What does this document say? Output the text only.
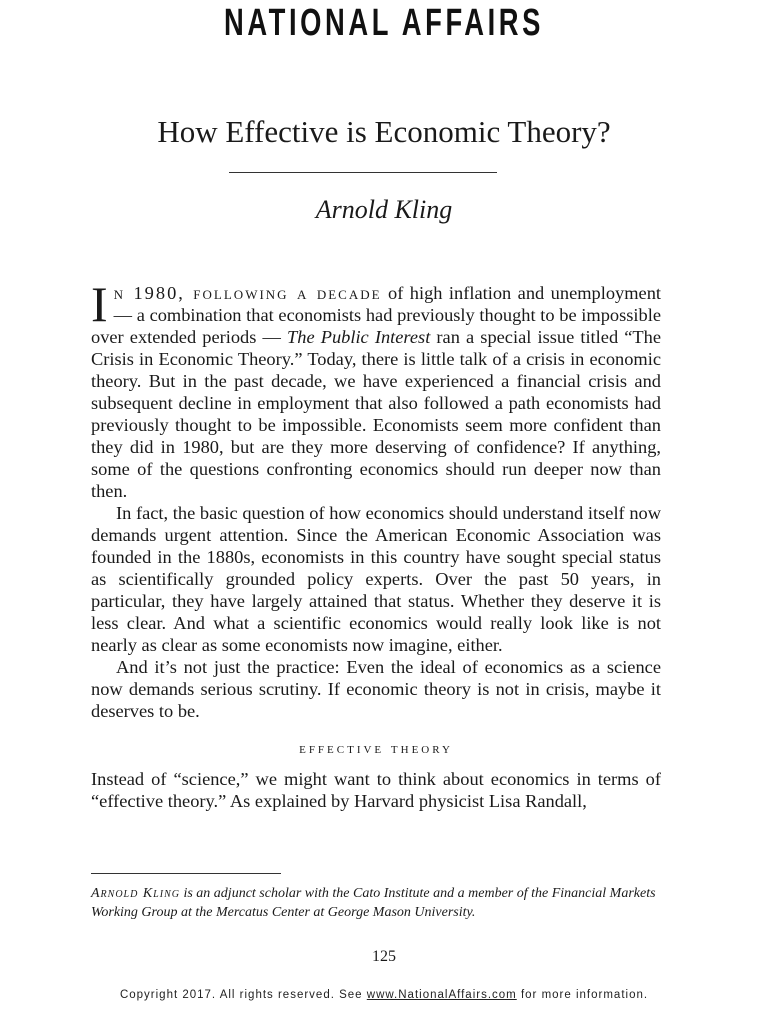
NATIONAL AFFAIRS
How Effective is Economic Theory?
Arnold Kling

In 1980, following a decade of high inflation and unemployment — a combination that economists had previously thought to be impossible over extended periods — The Public Interest ran a special issue titled “The Crisis in Economic Theory.” Today, there is little talk of a crisis in economic theory. But in the past decade, we have experienced a financial crisis and subsequent decline in employment that also followed a path economists had previously thought to be impossible. Economists seem more confident than they did in 1980, but are they more deserving of confidence? If anything, some of the questions confronting economics should run deeper now than then.

In fact, the basic question of how economics should understand itself now demands urgent attention. Since the American Economic Association was founded in the 1880s, economists in this country have sought special status as scientifically grounded policy experts. Over the past 50 years, in particular, they have largely attained that status. Whether they deserve it is less clear. And what a scientific economics would really look like is not nearly as clear as some economists now imagine, either.

And it’s not just the practice: Even the ideal of economics as a science now demands serious scrutiny. If economic theory is not in crisis, maybe it deserves to be.

effective theory

Instead of “science,” we might want to think about economics in terms of “effective theory.” As explained by Harvard physicist Lisa Randall,

Arnold Kling is an adjunct scholar with the Cato Institute and a member of the Financial Markets Working Group at the Mercatus Center at George Mason University.
125
Copyright 2017. All rights reserved. See www.NationalAffairs.com for more information.
